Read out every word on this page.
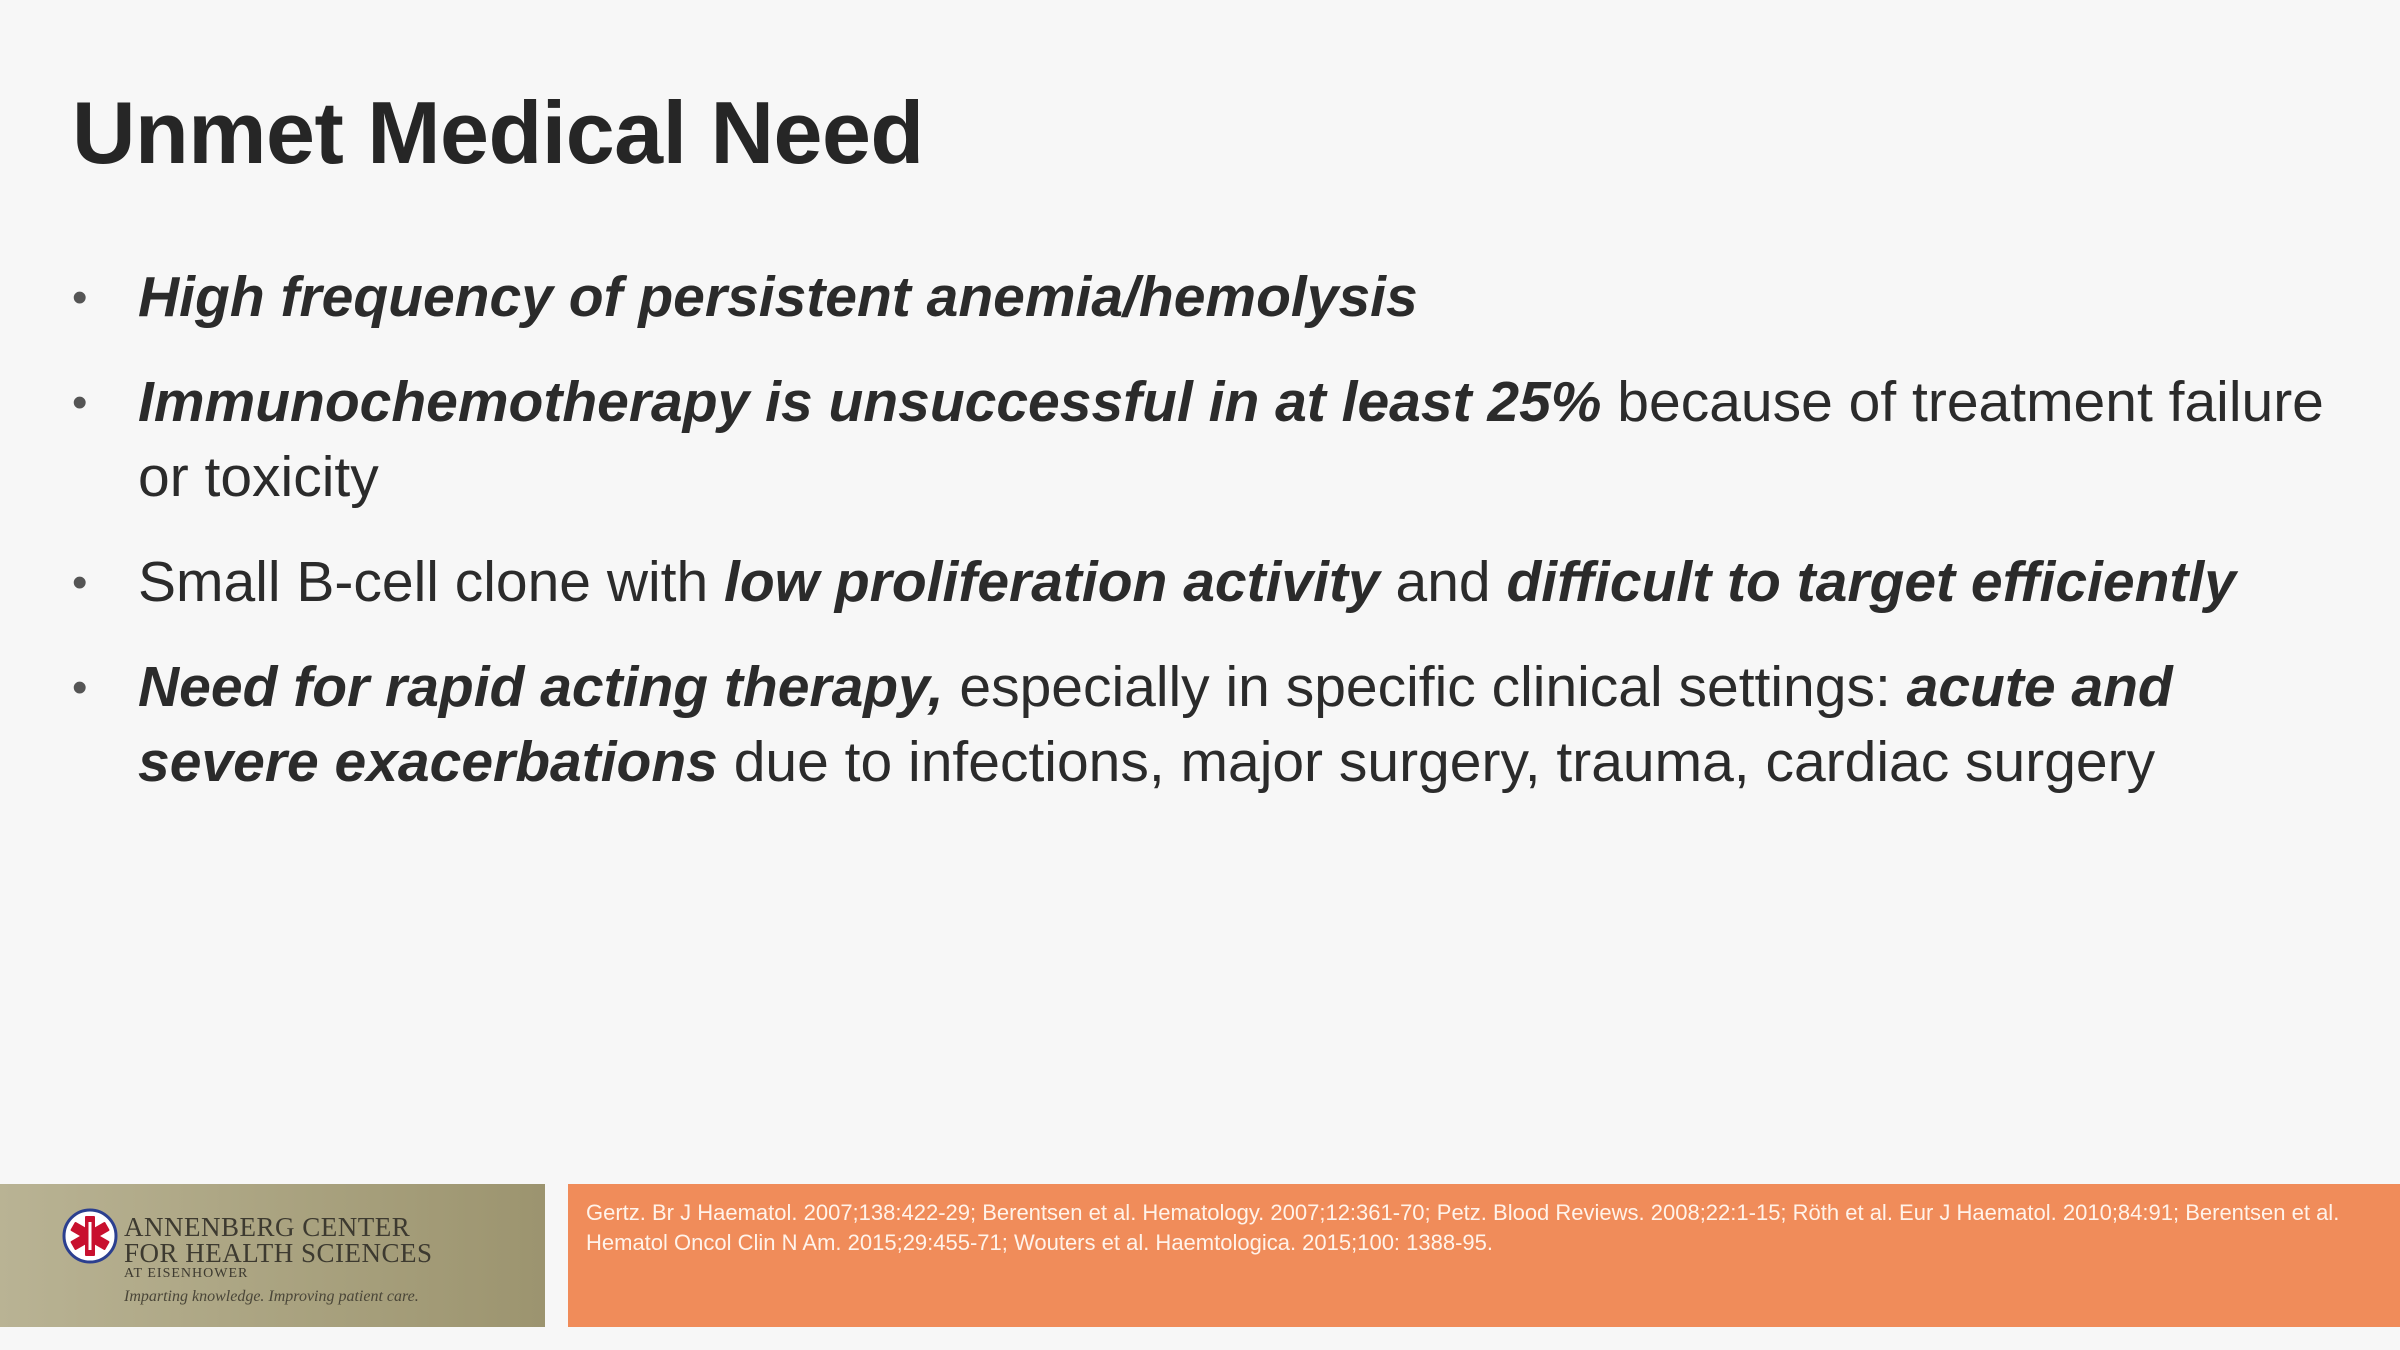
Unmet Medical Need
• High frequency of persistent anemia/hemolysis
• Immunochemotherapy is unsuccessful in at least 25% because of treatment failure or toxicity
• Small B-cell clone with low proliferation activity and difficult to target efficiently
• Need for rapid acting therapy, especially in specific clinical settings: acute and severe exacerbations due to infections, major surgery, trauma, cardiac surgery
ANNENBERG CENTER
FOR HEALTH SCIENCES
AT EISENHOWER
Imparting knowledge. Improving patient care.

Gertz. Br J Haematol. 2007;138:422-29; Berentsen et al. Hematology. 2007;12:361-70; Petz. Blood Reviews. 2008;22:1-15; Röth et al. Eur J Haematol. 2010;84:91; Berentsen et al. Hematol Oncol Clin N Am. 2015;29:455-71; Wouters et al. Haemtologica. 2015;100: 1388-95.
